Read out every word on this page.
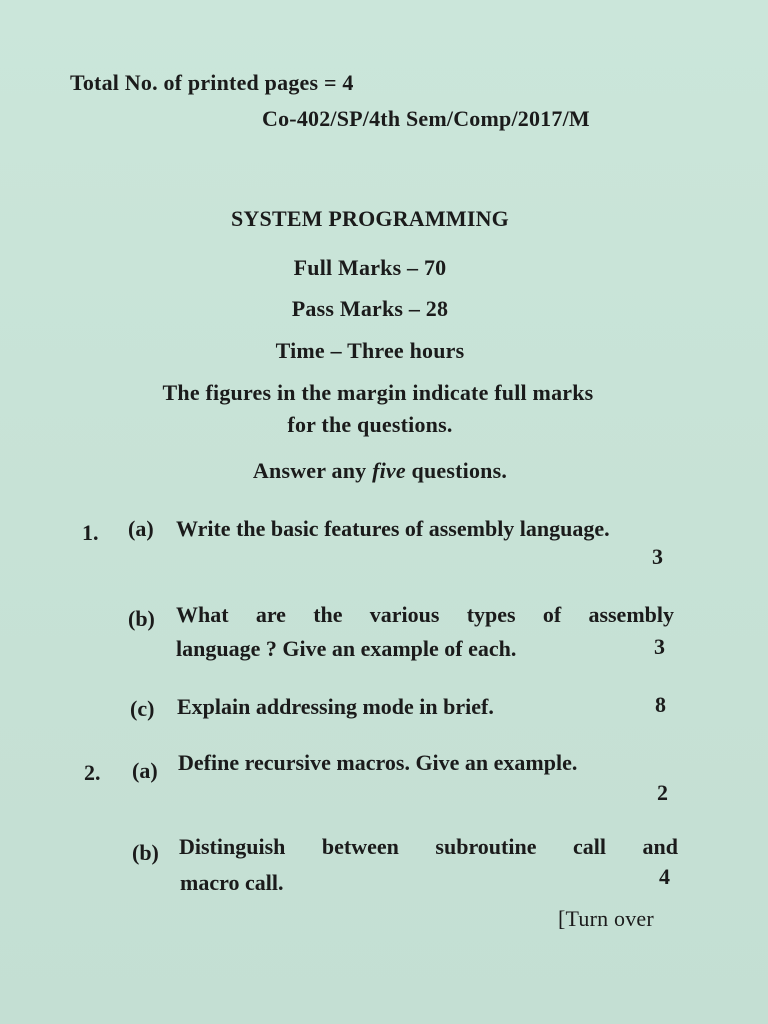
Total No. of printed pages = 4
Co-402/SP/4th Sem/Comp/2017/M
SYSTEM PROGRAMMING
Full Marks – 70
Pass Marks – 28
Time – Three hours
The figures in the margin indicate full marks
for the questions.
Answer any five questions.
1. (a) Write the basic features of assembly language.
3
(b) What are the various types of assembly
language ? Give an example of each.	3
(c) Explain addressing mode in brief.	8
2. (a) Define recursive macros. Give an example.
2
(b) Distinguish between subroutine call and
macro call.	4
[Turn over
